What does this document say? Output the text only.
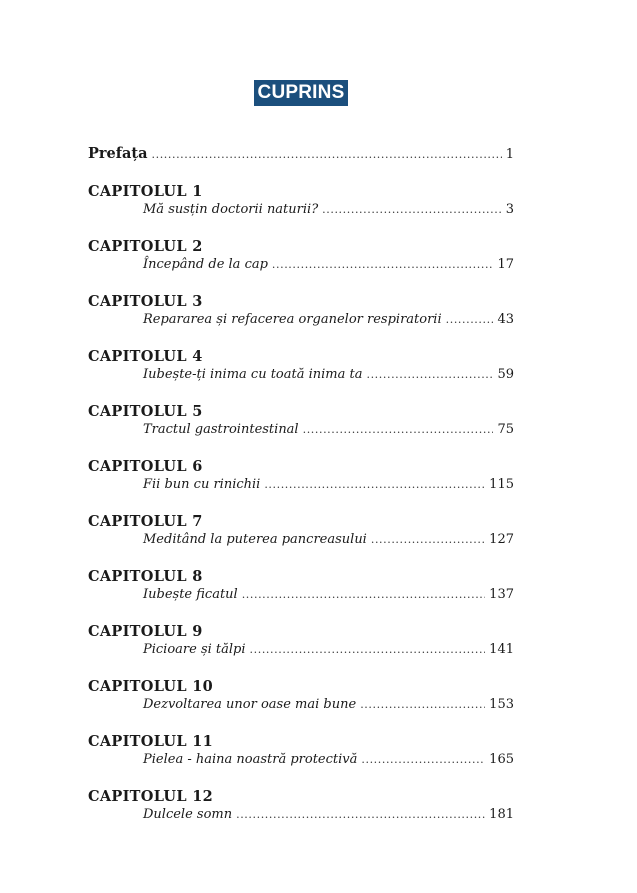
CUPRINS
Prefața .....	1
CAPITOLUL 1
Mă susțin doctorii naturii? .....	3
CAPITOLUL 2
Începând de la cap .....	17
CAPITOLUL 3
Repararea și refacerea organelor respiratorii .....	43
CAPITOLUL 4
Iubește-ți inima cu toată inima ta .....	59
CAPITOLUL 5
Tractul gastrointestinal .....	75
CAPITOLUL 6
Fii bun cu rinichii .....	115
CAPITOLUL 7
Meditând la puterea pancreasului .....	127
CAPITOLUL 8
Iubește ficatul .....	137
CAPITOLUL 9
Picioare și tălpi .....	141
CAPITOLUL 10
Dezvoltarea unor oase mai bune .....	153
CAPITOLUL 11
Pielea - haina noastră protectivă .....	165
CAPITOLUL 12
Dulcele somn .....	181
